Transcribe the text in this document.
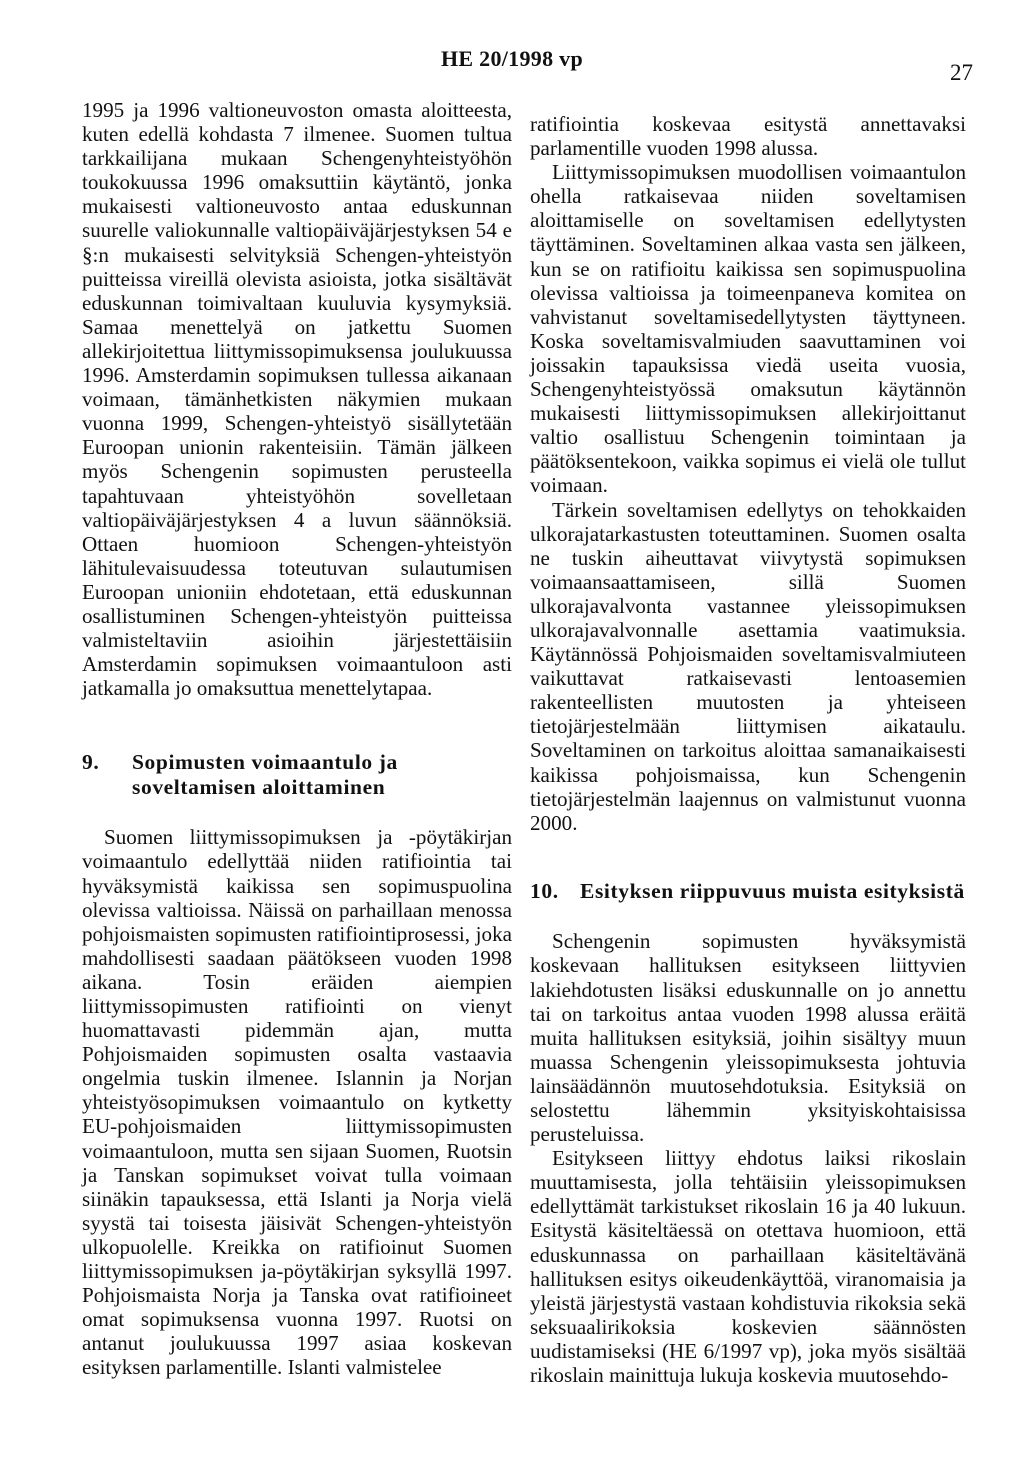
HE 20/1998 vp
27

1995 ja 1996 valtioneuvoston omasta aloitteesta, kuten edellä kohdasta 7 ilmenee. Suomen tultua tarkkailijana mukaan Schengenyhteistyöhön toukokuussa 1996 omaksuttiin käytäntö, jonka mukaisesti valtioneuvosto antaa eduskunnan suurelle valiokunnalle valtiopäiväjärjestyksen 54 e §:n mukaisesti selvityksiä Schengen-yhteistyön puitteissa vireillä olevista asioista, jotka sisältävät eduskunnan toimivaltaan kuuluvia kysymyksiä. Samaa menettelyä on jatkettu Suomen allekirjoitettua liittymissopimuksensa joulukuussa 1996. Amsterdamin sopimuksen tullessa aikanaan voimaan, tämänhetkisten näkymien mukaan vuonna 1999, Schengen-yhteistyö sisällytetään Euroopan unionin rakenteisiin. Tämän jälkeen myös Schengenin sopimusten perusteella tapahtuvaan yhteistyöhön sovelletaan valtiopäiväjärjestyksen 4 a luvun säännöksiä. Ottaen huomioon Schengen-yhteistyön lähitulevaisuudessa toteutuvan sulautumisen Euroopan unioniin ehdotetaan, että eduskunnan osallistuminen Schengen-yhteistyön puitteissa valmisteltaviin asioihin järjestettäisiin Amsterdamin sopimuksen voimaantuloon asti jatkamalla jo omaksuttua menettelytapaa.

9.	Sopimusten voimaantulo ja soveltamisen aloittaminen

Suomen liittymissopimuksen ja -pöytäkirjan voimaantulo edellyttää niiden ratifiointia tai hyväksymistä kaikissa sen sopimuspuolina olevissa valtioissa. Näissä on parhaillaan menossa pohjoismaisten sopimusten ratifiointiprosessi, joka mahdollisesti saadaan päätökseen vuoden 1998 aikana. Tosin eräiden aiempien liittymissopimusten ratifiointi on vienyt huomattavasti pidemmän ajan, mutta Pohjoismaiden sopimusten osalta vastaavia ongelmia tuskin ilmenee. Islannin ja Norjan yhteistyösopimuksen voimaantulo on kytketty EU-pohjoismaiden liittymissopimusten voimaantuloon, mutta sen sijaan Suomen, Ruotsin ja Tanskan sopimukset voivat tulla voimaan siinäkin tapauksessa, että Islanti ja Norja vielä syystä tai toisesta jäisivät Schengen-yhteistyön ulkopuolelle. Kreikka on ratifioinut Suomen liittymissopimuksen ja-pöytäkirjan syksyllä 1997. Pohjoismaista Norja ja Tanska ovat ratifioineet omat sopimuksensa vuonna 1997. Ruotsi on antanut joulukuussa 1997 asiaa koskevan esityksen parlamentille. Islanti valmistelee

ratifiointia koskevaa esitystä annettavaksi parlamentille vuoden 1998 alussa.

Liittymissopimuksen muodollisen voimaantulon ohella ratkaisevaa niiden soveltamisen aloittamiselle on soveltamisen edellytysten täyttäminen. Soveltaminen alkaa vasta sen jälkeen, kun se on ratifioitu kaikissa sen sopimuspuolina olevissa valtioissa ja toimeenpaneva komitea on vahvistanut soveltamisedellytysten täyttyneen. Koska soveltamisvalmiuden saavuttaminen voi joissakin tapauksissa viedä useita vuosia, Schengenyhteistyössä omaksutun käytännön mukaisesti liittymissopimuksen allekirjoittanut valtio osallistuu Schengenin toimintaan ja päätöksentekoon, vaikka sopimus ei vielä ole tullut voimaan.

Tärkein soveltamisen edellytys on tehokkaiden ulkorajatarkastusten toteuttaminen. Suomen osalta ne tuskin aiheuttavat viivytystä sopimuksen voimaansaattamiseen, sillä Suomen ulkorajavalvonta vastannee yleissopimuksen ulkorajavalvonnalle asettamia vaatimuksia. Käytännössä Pohjoismaiden soveltamisvalmiuteen vaikuttavat ratkaisevasti lentoasemien rakenteellisten muutosten ja yhteiseen tietojärjestelmään liittymisen aikataulu. Soveltaminen on tarkoitus aloittaa samanaikaisesti kaikissa pohjoismaissa, kun Schengenin tietojärjestelmän laajennus on valmistunut vuonna 2000.

10. Esityksen riippuvuus muista esityksistä

Schengenin sopimusten hyväksymistä koskevaan hallituksen esitykseen liittyvien lakiehdotusten lisäksi eduskunnalle on jo annettu tai on tarkoitus antaa vuoden 1998 alussa eräitä muita hallituksen esityksiä, joihin sisältyy muun muassa Schengenin yleissopimuksesta johtuvia lainsäädännön muutosehdotuksia. Esityksiä on selostettu lähemmin yksityiskohtaisissa perusteluissa.

Esitykseen liittyy ehdotus laiksi rikoslain muuttamisesta, jolla tehtäisiin yleissopimuksen edellyttämät tarkistukset rikoslain 16 ja 40 lukuun. Esitystä käsiteltäessä on otettava huomioon, että eduskunnassa on parhaillaan käsiteltävänä hallituksen esitys oikeudenkäyttöä, viranomaisia ja yleistä järjestystä vastaan kohdistuvia rikoksia sekä seksuaalirikoksia koskevien säännösten uudistamiseksi (HE 6/1997 vp), joka myös sisältää rikoslain mainittuja lukuja koskevia muutosehdo-
